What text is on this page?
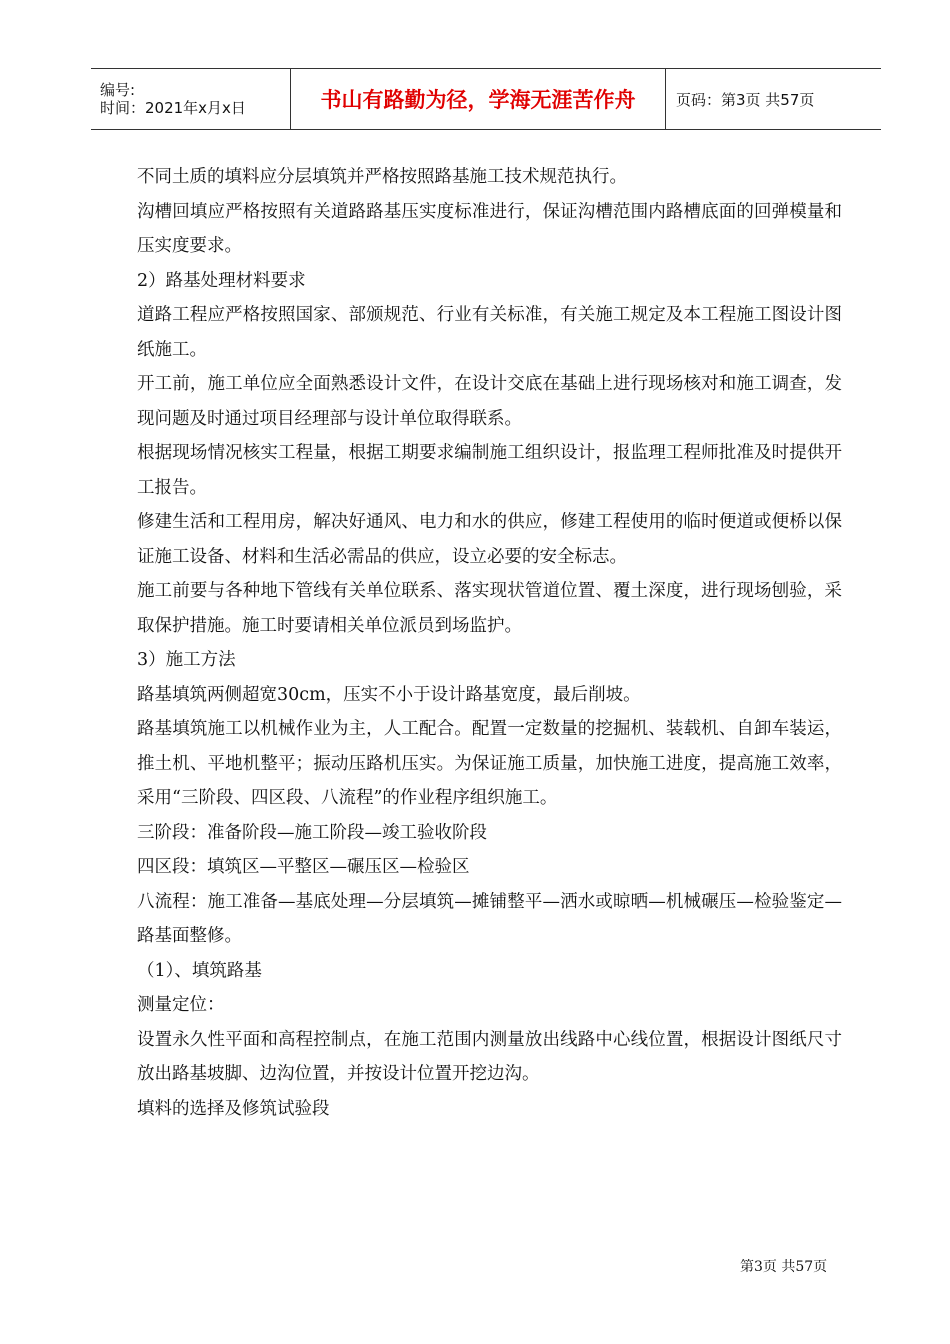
编号:
时间：2021年x月x日	书山有路勤为径，学海无涯苦作舟	页码：第3页 共57页

不同土质的填料应分层填筑并严格按照路基施工技术规范执行。

沟槽回填应严格按照有关道路路基压实度标准进行，保证沟槽范围内路槽底面的回弹模量和压实度要求。

2）路基处理材料要求

道路工程应严格按照国家、部颁规范、行业有关标准，有关施工规定及本工程施工图设计图纸施工。

开工前，施工单位应全面熟悉设计文件，在设计交底在基础上进行现场核对和施工调查，发现问题及时通过项目经理部与设计单位取得联系。

根据现场情况核实工程量，根据工期要求编制施工组织设计，报监理工程师批准及时提供开工报告。

修建生活和工程用房，解决好通风、电力和水的供应，修建工程使用的临时便道或便桥以保证施工设备、材料和生活必需品的供应，设立必要的安全标志。

施工前要与各种地下管线有关单位联系、落实现状管道位置、覆土深度，进行现场刨验，采取保护措施。施工时要请相关单位派员到场监护。

3）施工方法

路基填筑两侧超宽30cm，压实不小于设计路基宽度，最后削坡。

路基填筑施工以机械作业为主，人工配合。配置一定数量的挖掘机、装载机、自卸车装运，推土机、平地机整平；振动压路机压实。为保证施工质量，加快施工进度，提高施工效率，采用“三阶段、四区段、八流程”的作业程序组织施工。

三阶段：准备阶段—施工阶段—竣工验收阶段

四区段：填筑区—平整区—碾压区—检验区

八流程：施工准备—基底处理—分层填筑—摊铺整平—洒水或晾晒—机械碾压—检验鉴定—路基面整修。

（1）、填筑路基

测量定位：

设置永久性平面和高程控制点，在施工范围内测量放出线路中心线位置，根据设计图纸尺寸放出路基坡脚、边沟位置，并按设计位置开挖边沟。

填料的选择及修筑试验段

第3页 共57页
